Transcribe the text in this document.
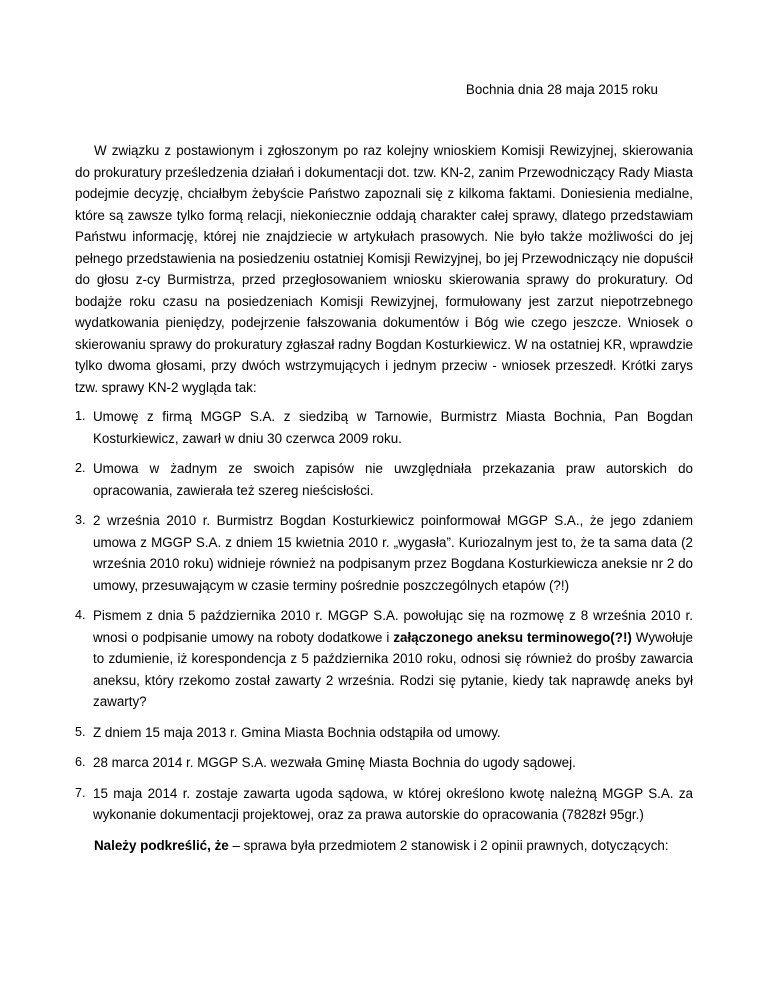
Bochnia dnia 28 maja 2015 roku

W związku z postawionym i zgłoszonym po raz kolejny wnioskiem Komisji Rewizyjnej, skierowania do prokuratury prześledzenia działań i dokumentacji dot. tzw. KN-2, zanim Przewodniczący Rady Miasta podejmie decyzję, chciałbym żebyście Państwo zapoznali się z kilkoma faktami. Doniesienia medialne, które są zawsze tylko formą relacji, niekoniecznie oddają charakter całej sprawy, dlatego przedstawiam Państwu informację, której nie znajdziecie w artykułach prasowych. Nie było także możliwości do jej pełnego przedstawienia na posiedzeniu ostatniej Komisji Rewizyjnej, bo jej Przewodniczący nie dopuścił do głosu z-cy Burmistrza, przed przegłosowaniem wniosku skierowania sprawy do prokuratury. Od bodajże roku czasu na posiedzeniach Komisji Rewizyjnej, formułowany jest zarzut niepotrzebnego wydatkowania pieniędzy, podejrzenie fałszowania dokumentów i Bóg wie czego jeszcze. Wniosek o skierowaniu sprawy do prokuratury zgłaszał radny Bogdan Kosturkiewicz. W na ostatniej KR, wprawdzie tylko dwoma głosami, przy dwóch wstrzymujących i jednym przeciw - wniosek przeszedł. Krótki zarys tzw. sprawy KN-2 wygląda tak:

1. Umowę z firmą MGGP S.A. z siedzibą w Tarnowie, Burmistrz Miasta Bochnia, Pan Bogdan Kosturkiewicz, zawarł w dniu 30 czerwca 2009 roku.
2. Umowa w żadnym ze swoich zapisów nie uwzględniała przekazania praw autorskich do opracowania, zawierała też szereg nieścisłości.
3. 2 września 2010 r. Burmistrz Bogdan Kosturkiewicz poinformował MGGP S.A., że jego zdaniem umowa z MGGP S.A. z dniem 15 kwietnia 2010 r. „wygasła”. Kuriozalnym jest to, że ta sama data (2 września 2010 roku) widnieje również na podpisanym przez Bogdana Kosturkiewicza aneksie nr 2 do umowy, przesuwającym w czasie terminy pośrednie poszczególnych etapów (?!)
4. Pismem z dnia 5 października 2010 r. MGGP S.A. powołując się na rozmowę z 8 września 2010 r. wnosi o podpisanie umowy na roboty dodatkowe i załączonego aneksu terminowego(?!) Wywołuje to zdumienie, iż korespondencja z 5 października 2010 roku, odnosi się również do prośby zawarcia aneksu, który rzekomo został zawarty 2 września. Rodzi się pytanie, kiedy tak naprawdę aneks był zawarty?
5. Z dniem 15 maja 2013 r. Gmina Miasta Bochnia odstąpiła od umowy.
6. 28 marca 2014 r. MGGP S.A. wezwała Gminę Miasta Bochnia do ugody sądowej.
7. 15 maja 2014 r. zostaje zawarta ugoda sądowa, w której określono kwotę należną MGGP S.A. za wykonanie dokumentacji projektowej, oraz za prawa autorskie do opracowania (7828zł 95gr.)

Należy podkreślić, że – sprawa była przedmiotem 2 stanowisk i 2 opinii prawnych, dotyczących:
